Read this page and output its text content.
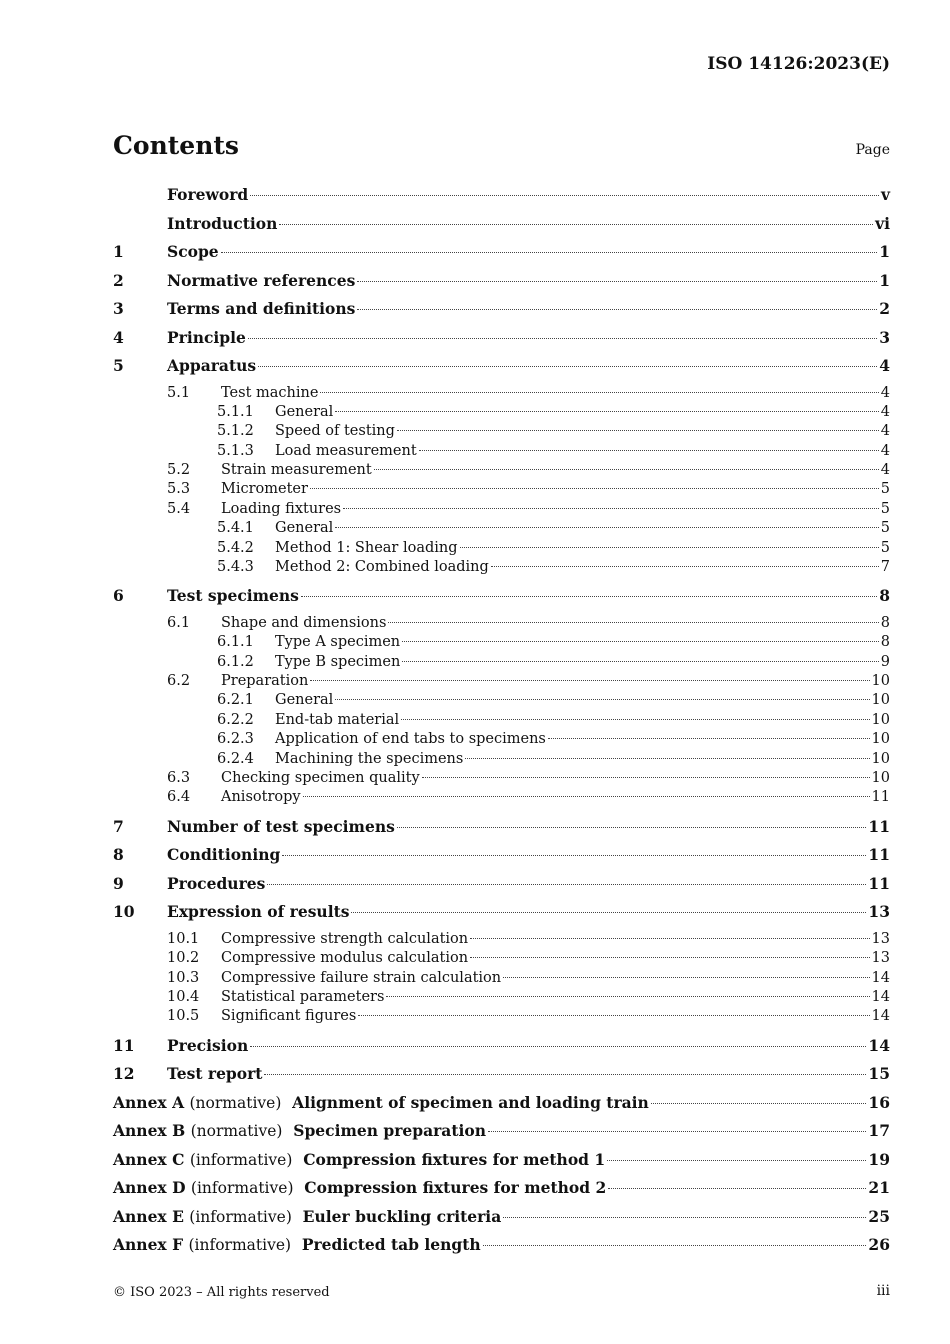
ISO 14126:2023(E)
Contents	Page
Foreword	v
Introduction	vi
1	Scope	1
2	Normative references	1
3	Terms and definitions	2
4	Principle	3
5	Apparatus	4
5.1	Test machine	4
5.1.1	General	4
5.1.2	Speed of testing	4
5.1.3	Load measurement	4
5.2	Strain measurement	4
5.3	Micrometer	5
5.4	Loading fixtures	5
5.4.1	General	5
5.4.2	Method 1: Shear loading	5
5.4.3	Method 2: Combined loading	7
6	Test specimens	8
6.1	Shape and dimensions	8
6.1.1	Type A specimen	8
6.1.2	Type B specimen	9
6.2	Preparation	10
6.2.1	General	10
6.2.2	End-tab material	10
6.2.3	Application of end tabs to specimens	10
6.2.4	Machining the specimens	10
6.3	Checking specimen quality	10
6.4	Anisotropy	11
7	Number of test specimens	11
8	Conditioning	11
9	Procedures	11
10	Expression of results	13
10.1	Compressive strength calculation	13
10.2	Compressive modulus calculation	13
10.3	Compressive failure strain calculation	14
10.4	Statistical parameters	14
10.5	Significant figures	14
11	Precision	14
12	Test report	15
Annex A (normative) Alignment of specimen and loading train	16
Annex B (normative) Specimen preparation	17
Annex C (informative) Compression fixtures for method 1	19
Annex D (informative) Compression fixtures for method 2	21
Annex E (informative) Euler buckling criteria	25
Annex F (informative) Predicted tab length	26
© ISO 2023 – All rights reserved	iii
